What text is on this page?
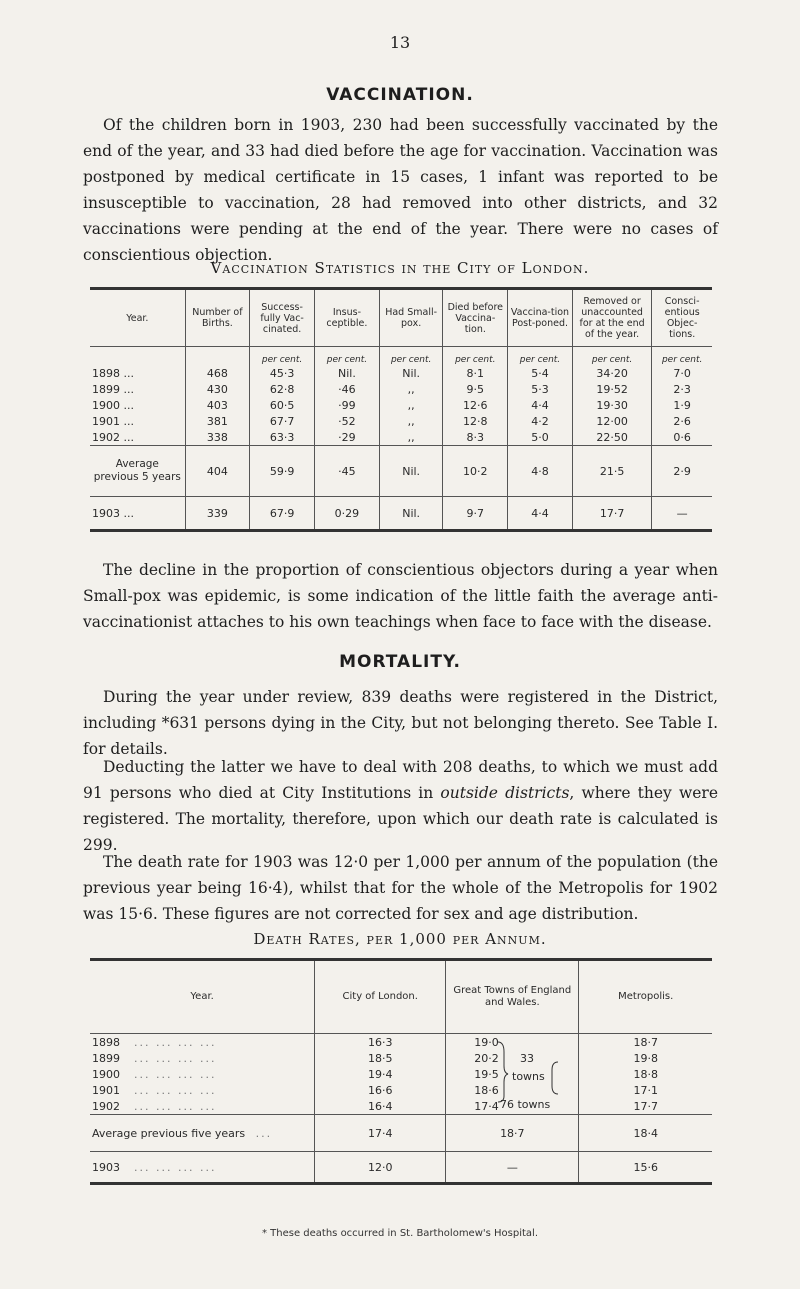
13
VACCINATION.

Of the children born in 1903, 230 had been successfully vaccinated by the end of the year, and 33 had died before the age for vaccination. Vaccination was postponed by medical certificate in 15 cases, 1 infant was reported to be insusceptible to vaccination, 28 had removed into other districts, and 32 vaccinations were pending at the end of the year. There were no cases of conscientious objection.

Vaccination Statistics in the City of London.
Year.	Number of Births.	Success-fully Vac-cinated.	Insus-ceptible.	Had Small-pox.	Died before Vaccina-tion.	Vaccina-tion Post-poned.	Removed or unaccounted for at the end of the year.	Consci-entious Objec-tions.
		per cent.	per cent.	per cent.	per cent.	per cent.	per cent.	per cent.
1898 ...	468	45·3	Nil.	Nil.	8·1	5·4	34·20	7·0
1899 ...	430	62·8	·46	,,	9·5	5·3	19·52	2·3
1900 ...	403	60·5	·99	,,	12·6	4·4	19·30	1·9
1901 ...	381	67·7	·52	,,	12·8	4·2	12·00	2·6
1902 ...	338	63·3	·29	,,	8·3	5·0	22·50	0·6
Average previous 5 years	404	59·9	·45	Nil.	10·2	4·8	21·5	2·9
1903 ...	339	67·9	0·29	Nil.	9·7	4·4	17·7	—

The decline in the proportion of conscientious objectors during a year when Small-pox was epidemic, is some indication of the little faith the average anti-vaccinationist attaches to his own teachings when face to face with the disease.

MORTALITY.

During the year under review, 839 deaths were registered in the District, including *631 persons dying in the City, but not belonging thereto. See Table I. for details.

Deducting the latter we have to deal with 208 deaths, to which we must add 91 persons who died at City Institutions in outside districts, where they were registered. The mortality, therefore, upon which our death rate is calculated is 299.

The death rate for 1903 was 12·0 per 1,000 per annum of the population (the previous year being 16·4), whilst that for the whole of the Metropolis for 1902 was 15·6. These figures are not corrected for sex and age distribution.

Death Rates, per 1,000 per Annum.
Year.	City of London.	Great Towns of England and Wales.	Metropolis.
1898 ... ... ... ...	16·3	19·0	18·7
1899 ... ... ... ...	18·5	20·2	19·8
1900 ... ... ... ...	19·4	19·5	18·8
1901 ... ... ... ...	16·6	18·6	17·1
1902 ... ... ... ...	16·4	17·4	17·7
Average previous five years ...	17·4	18·7	18·4
1903 ... ... ... ...	12·0	—	15·6
33
towns
76 towns
* These deaths occurred in St. Bartholomew's Hospital.
